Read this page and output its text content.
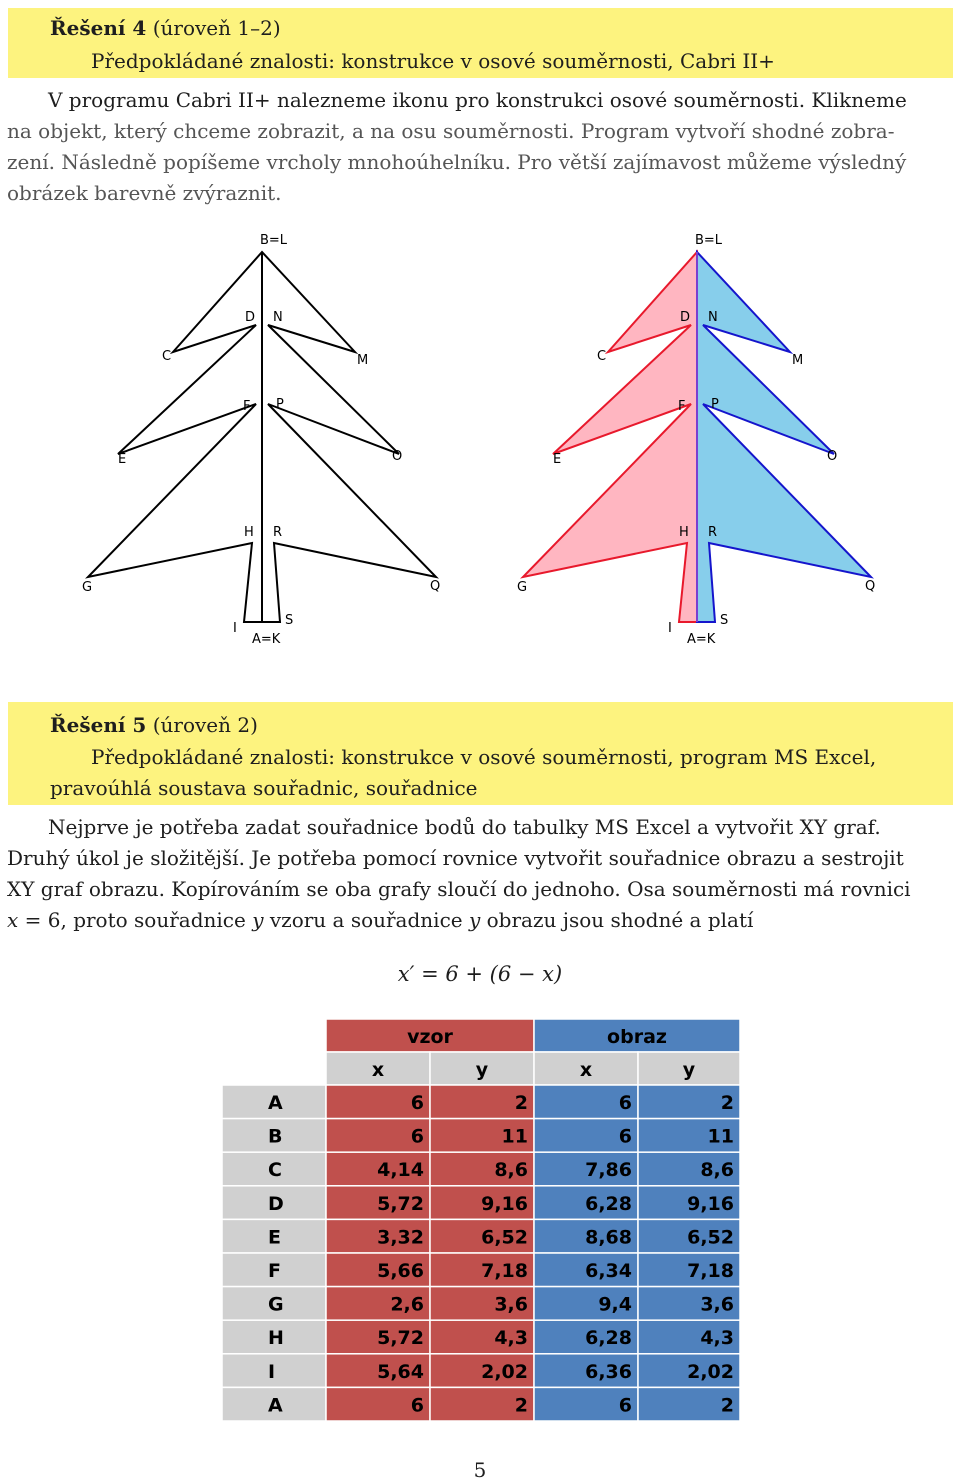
Řešení 4 (úroveň 1–2)
Předpokládané znalosti: konstrukce v osové souměrnosti, Cabri II+
V programu Cabri II+ nalezneme ikonu pro konstrukci osové souměrnosti. Klikneme
na objekt, který chceme zobrazit, a na osu souměrnosti. Program vytvoří shodné zobra-
zení. Následně popíšeme vrcholy mnohoúhelníku. Pro větší zajímavost můžeme výsledný
obrázek barevně zvýraznit.
B=L
D N
C	M
F P
E	O
H R
G	Q
I
S
A=K
B=L
D N
C	M
F P
E	O
H R
G	Q
I
S
A=K
Řešení 5 (úroveň 2)
Předpokládané znalosti: konstrukce v osové souměrnosti, program MS Excel,
pravoúhlá soustava souřadnic, souřadnice
Nejprve je potřeba zadat souřadnice bodů do tabulky MS Excel a vytvořit XY graf.
Druhý úkol je složitější. Je potřeba pomocí rovnice vytvořit souřadnice obrazu a sestrojit
XY graf obrazu. Kopírováním se oba grafy sloučí do jednoho. Osa souměrnosti má rovnici
x = 6, proto souřadnice y vzoru a souřadnice y obrazu jsou shodné a platí
x′ = 6 + (6 − x)
vzor	obraz
x	y	x	y
A	6	2	6	2
B	6	11	6	11
C	4,14	8,6	7,86	8,6
D	5,72	9,16	6,28	9,16
E	3,32	6,52	8,68	6,52
F	5,66	7,18	6,34	7,18
G	2,6	3,6	9,4	3,6
H	5,72	4,3	6,28	4,3
I	5,64	2,02	6,36	2,02
A	6	2	6	2
5
